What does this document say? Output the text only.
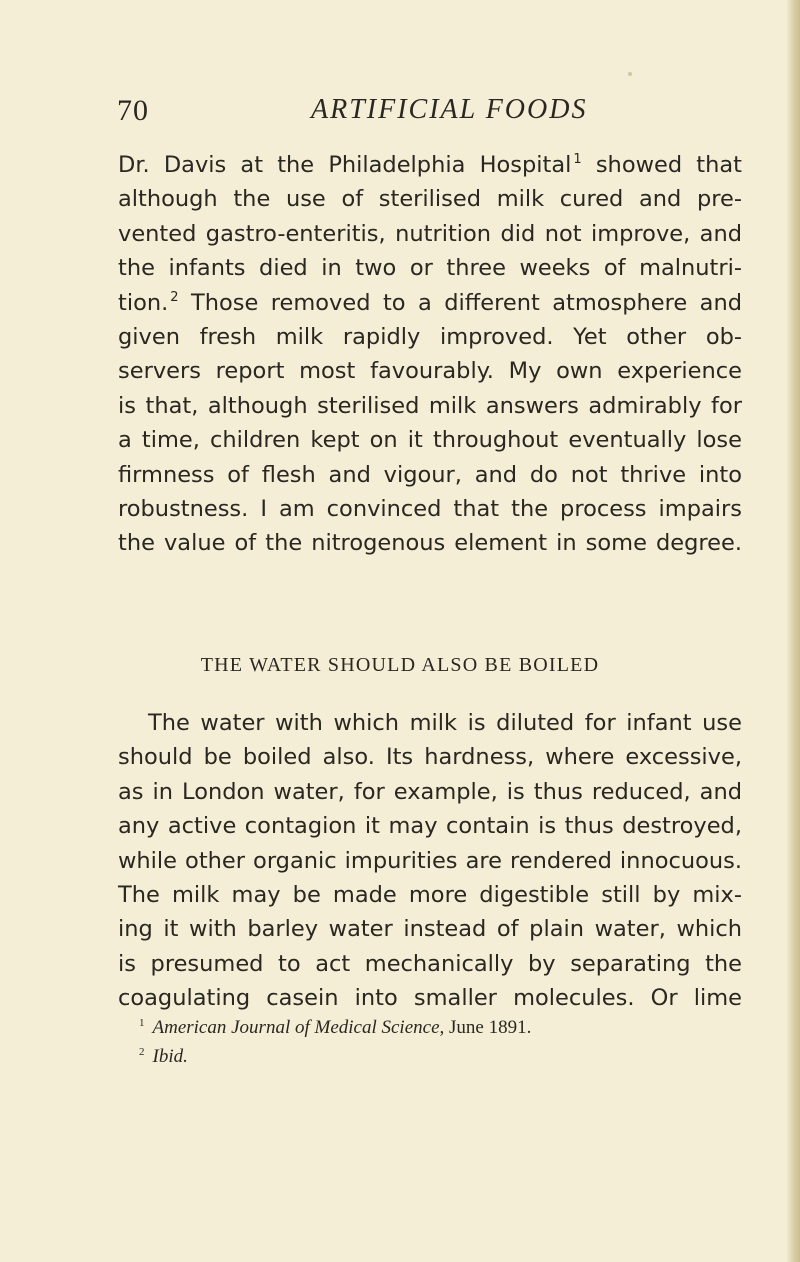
70	ARTIFICIAL FOODS
Dr. Davis at the Philadelphia Hospital $^1$ showed that
although the use of sterilised milk cured and pre-
vented gastro-enteritis, nutrition did not improve, and
the infants died in two or three weeks of malnutri-
tion. $^2$ Those removed to a different atmosphere and
given fresh milk rapidly improved. Yet other ob-
servers report most favourably. My own experience
is that, although sterilised milk answers admirably for
a time, children kept on it throughout eventually lose
firmness of flesh and vigour, and do not thrive into
robustness. I am convinced that the process impairs
the value of the nitrogenous element in some degree.
THE WATER SHOULD ALSO BE BOILED
The water with which milk is diluted for infant use
should be boiled also. Its hardness, where excessive,
as in London water, for example, is thus reduced, and
any active contagion it may contain is thus destroyed,
while other organic impurities are rendered innocuous.
The milk may be made more digestible still by mix-
ing it with barley water instead of plain water, which
is presumed to act mechanically by separating the
coagulating casein into smaller molecules. Or lime
$^1$ American Journal of Medical Science, June 1891.
$^2$ Ibid.
